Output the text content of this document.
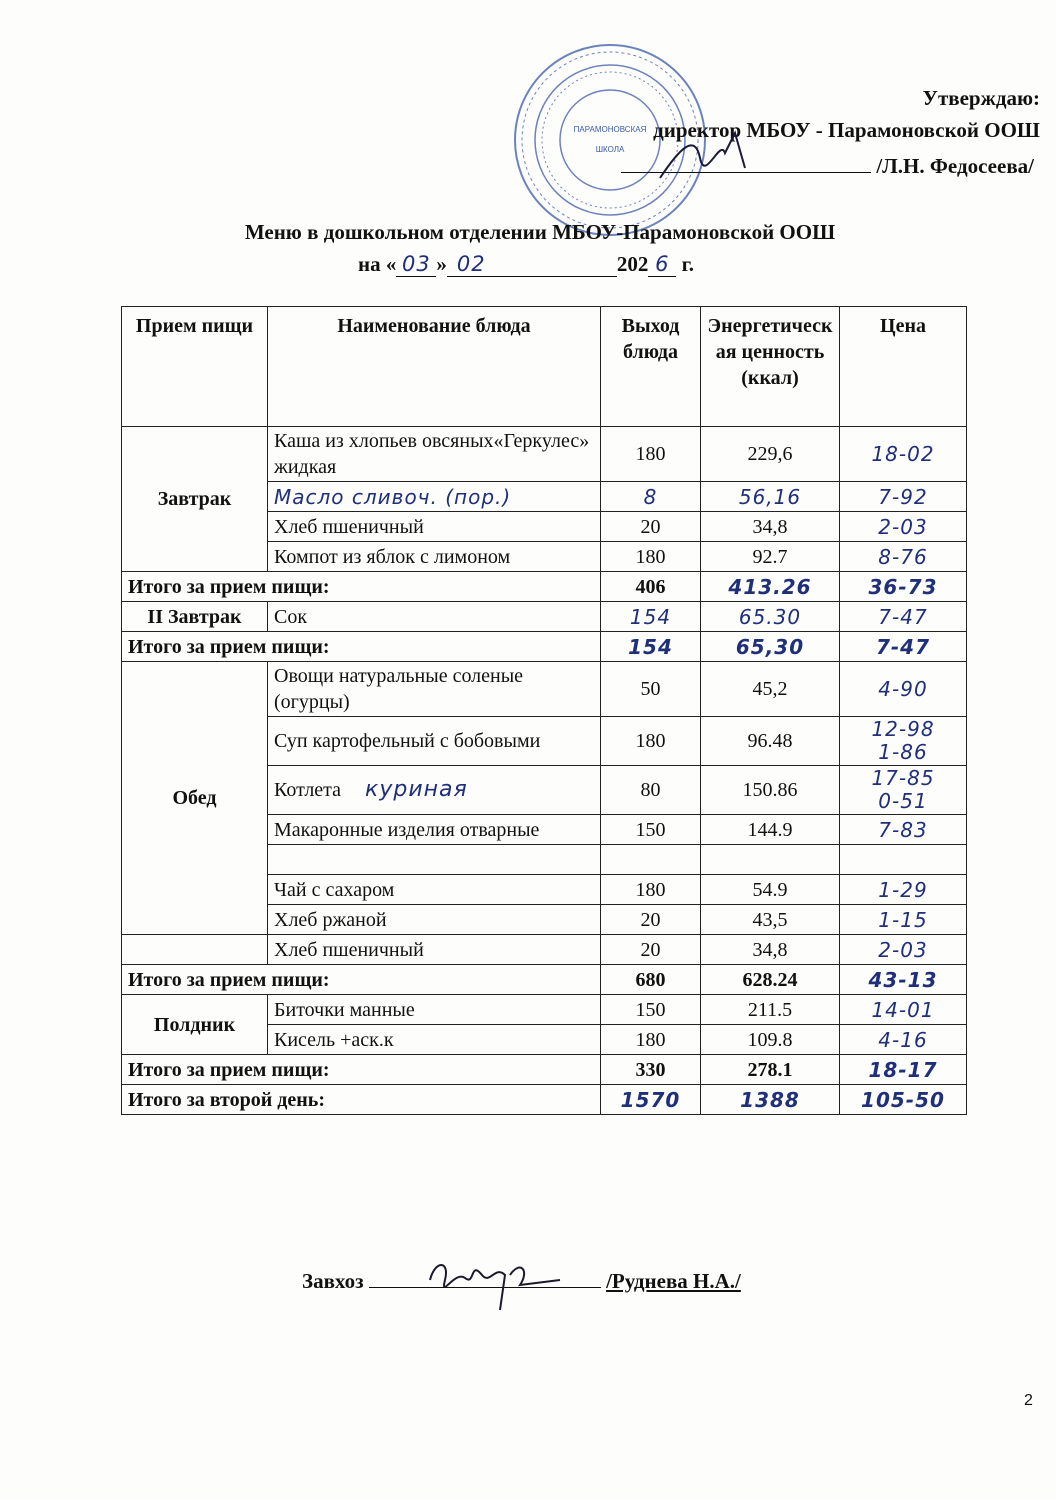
ПАРАМОНОВСКАЯ
ШКОЛА
Утверждаю:
директор МБОУ - Парамоновской ООШ
/Л.Н. Федосеева/
Меню в дошкольном отделении МБОУ-Парамоновской ООШ
на « 03 » 02	202 6 г.
Прием пищи	Наименование блюда	Выход блюда	Энергетическая ценность (ккал)	Цена
Завтрак	Каша из хлопьев овсяных«Геркулес» жидкая	180	229,6	18-02

	Масло сливоч. (пор.)	8	56,16	7-92

	Хлеб пшеничный	20	34,8	2-03

	Компот из яблок с лимоном	180	92.7	8-76

Итого за прием пищи:		406	413.26	36-73
II Завтрак	Сок	154	65.30	7-47

Итого за прием пищи:		154	65,30	7-47
Обед	Овощи натуральные соленые (огурцы)	50	45,2	4-90

	Суп картофельный с бобовыми	180	96.48	12-98
1-86

	Котлета куриная	80	150.86	17-85
0-51

	Макаронные изделия отварные	150	144.9	7-83

	Чай с сахаром	180	54.9	1-29

	Хлеб ржаной	20	43,5	1-15

	Хлеб пшеничный	20	34,8	2-03

Итого за прием пищи:		680	628.24	43-13
Полдник	Биточки манные	150	211.5	14-01

	Кисель +аск.к	180	109.8	4-16

Итого за прием пищи:		330	278.1	18-17
Итого за второй день:		1570	1388	105-50
Завхоз	/Руднева Н.А./
2
